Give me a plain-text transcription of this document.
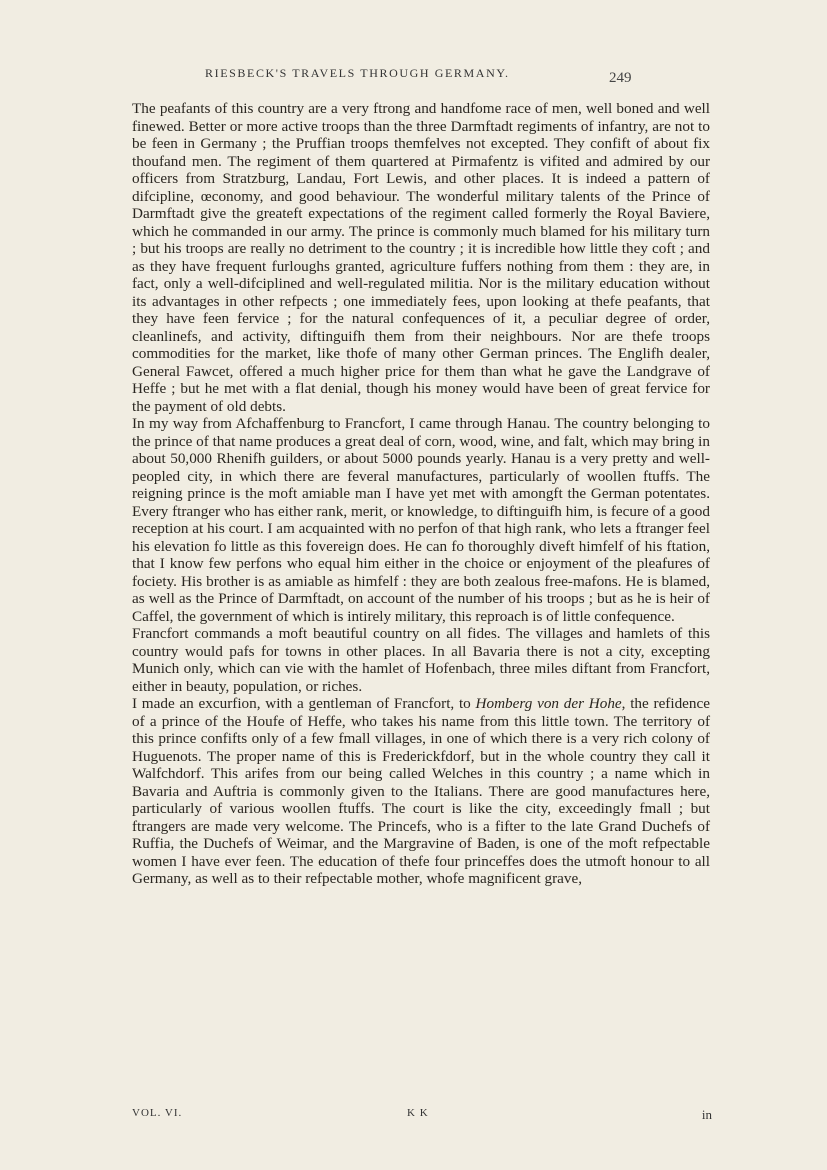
RIESBECK'S TRAVELS THROUGH GERMANY.	249

The peafants of this country are a very ftrong and handfome race of men, well boned and well finewed. Better or more active troops than the three Darmftadt regiments of infantry, are not to be feen in Germany ; the Pruffian troops themfelves not excepted. They confift of about fix thoufand men. The regiment of them quartered at Pirmafentz is vifited and admired by our officers from Stratzburg, Landau, Fort Lewis, and other places. It is indeed a pattern of difcipline, œconomy, and good behaviour. The wonderful military talents of the Prince of Darmftadt give the greateft expectations of the regiment called formerly the Royal Baviere, which he commanded in our army. The prince is commonly much blamed for his military turn ; but his troops are really no detriment to the country ; it is incredible how little they coft ; and as they have frequent furloughs granted, agriculture fuffers nothing from them : they are, in fact, only a well-difciplined and well-regulated militia. Nor is the military education without its advantages in other refpects ; one immediately fees, upon looking at thefe peafants, that they have feen fervice ; for the natural confequences of it, a peculiar degree of order, cleanlinefs, and activity, diftinguifh them from their neighbours. Nor are thefe troops commodities for the market, like thofe of many other German princes. The Englifh dealer, General Fawcet, offered a much higher price for them than what he gave the Landgrave of Heffe ; but he met with a flat denial, though his money would have been of great fervice for the payment of old debts.

In my way from Afchaffenburg to Francfort, I came through Hanau. The country belonging to the prince of that name produces a great deal of corn, wood, wine, and falt, which may bring in about 50,000 Rhenifh guilders, or about 5000 pounds yearly. Hanau is a very pretty and well-peopled city, in which there are feveral manufactures, particularly of woollen ftuffs. The reigning prince is the moft amiable man I have yet met with amongft the German potentates. Every ftranger who has either rank, merit, or knowledge, to diftinguifh him, is fecure of a good reception at his court. I am acquainted with no perfon of that high rank, who lets a ftranger feel his elevation fo little as this fovereign does. He can fo thoroughly diveft himfelf of his ftation, that I know few perfons who equal him either in the choice or enjoyment of the pleafures of fociety. His brother is as amiable as himfelf : they are both zealous free-mafons. He is blamed, as well as the Prince of Darmftadt, on account of the number of his troops ; but as he is heir of Caffel, the government of which is intirely military, this reproach is of little confequence.

Francfort commands a moft beautiful country on all fides. The villages and hamlets of this country would pafs for towns in other places. In all Bavaria there is not a city, excepting Munich only, which can vie with the hamlet of Hofenbach, three miles diftant from Francfort, either in beauty, population, or riches.

I made an excurfion, with a gentleman of Francfort, to Homberg von der Hohe, the refidence of a prince of the Houfe of Heffe, who takes his name from this little town. The territory of this prince confifts only of a few fmall villages, in one of which there is a very rich colony of Huguenots. The proper name of this is Frederickfdorf, but in the whole country they call it Walfchdorf. This arifes from our being called Welches in this country ; a name which in Bavaria and Auftria is commonly given to the Italians. There are good manufactures here, particularly of various woollen ftuffs. The court is like the city, exceedingly fmall ; but ftrangers are made very welcome. The Princefs, who is a fifter to the late Grand Duchefs of Ruffia, the Duchefs of Weimar, and the Margravine of Baden, is one of the moft refpectable women I have ever feen. The education of thefe four princeffes does the utmoft honour to all Germany, as well as to their refpectable mother, whofe magnificent grave,

VOL. VI.	K K	in
